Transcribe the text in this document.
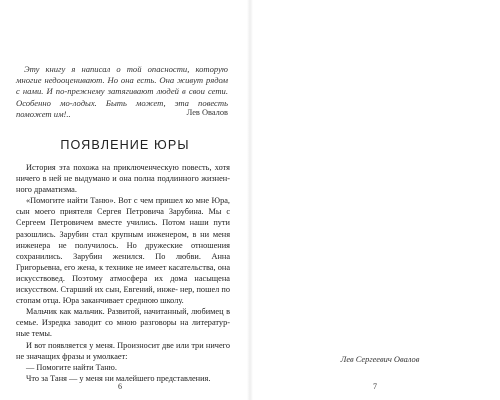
Эту книгу я написал о той опасности, которую многие недооценивают. Но она есть. Она живут рядом с нами. И по-прежнему затягивают людей в свои сети. Особенно мо-лодых. Быть может, эта повесть поможет им!..	Лев Овалов
ПОЯВЛЕНИЕ ЮРЫ

История эта похожа на приключенческую повесть, хотя ничего в ней не выдумано и она полна подлинного жизнен-ного драматизма.

«Помогите найти Таню». Вот с чем пришел ко мне Юра, сын моего приятеля Сергея Петровича Зарубина. Мы с Сергеем Петровичем вместе учились. Потом наши пути разошлись. Зарубин стал крупным инженером, в ни меня инженера не получилось. Но дружеские отношения сохранились. Зарубин женился. По любви. Анна Григорьевна, его жена, к технике не имеет касательства, она искусствовед. Поэтому атмосфера их дома насыщена искусством. Старший их сын, Евгений, инже- нер, пошел по стопам отца. Юра заканчивает среднюю школу.

Мальчик как мальчик. Развитой, начитанный, любимец в семье. Изредка заводит со мною разговоры на литератур-ные темы.

И вот появляется у меня. Произносит две или три ничего не значащих фразы и умолкает:

— Помогите найти Таню.

Что за Таня — у меня ни малейшего представления.

6
Лев Сергеевич Овалов
7
